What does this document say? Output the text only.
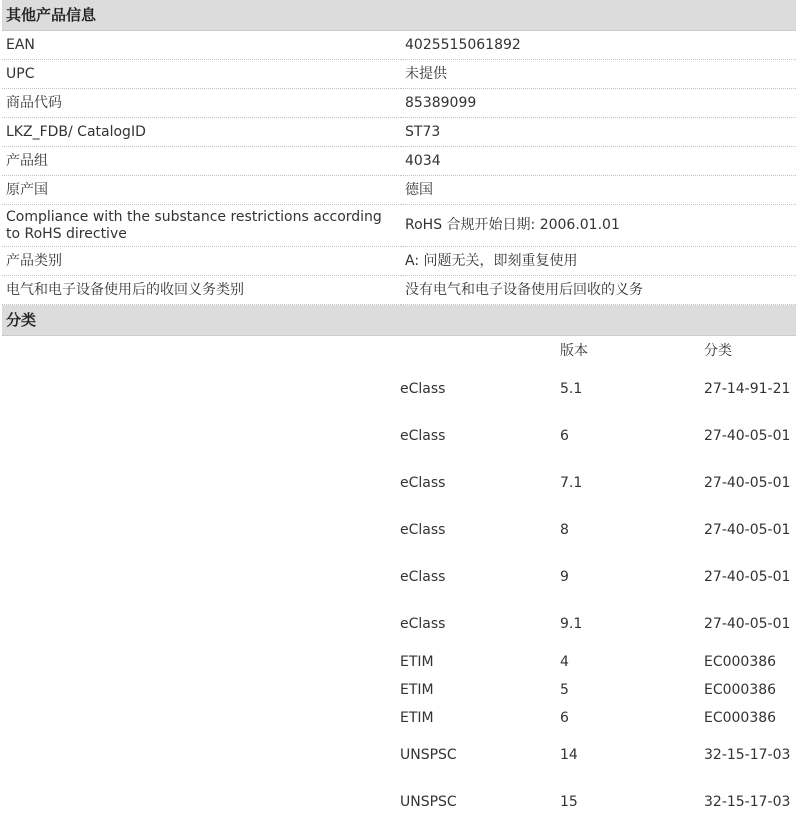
其他产品信息
EAN	4025515061892
UPC	未提供
商品代码	85389099
LKZ_FDB/ CatalogID	ST73
产品组	4034
原产国	德国
Compliance with the substance restrictions according to RoHS directive	RoHS 合规开始日期: 2006.01.01
产品类别	A: 问题无关，即刻重复使用
电气和电子设备使用后的收回义务类别	没有电气和电子设备使用后回收的义务
分类
		版本	分类
	eClass	5.1	27-14-91-21
	eClass	6	27-40-05-01
	eClass	7.1	27-40-05-01
	eClass	8	27-40-05-01
	eClass	9	27-40-05-01
	eClass	9.1	27-40-05-01
	ETIM	4	EC000386
	ETIM	5	EC000386
	ETIM	6	EC000386
	UNSPSC	14	32-15-17-03
	UNSPSC	15	32-15-17-03
